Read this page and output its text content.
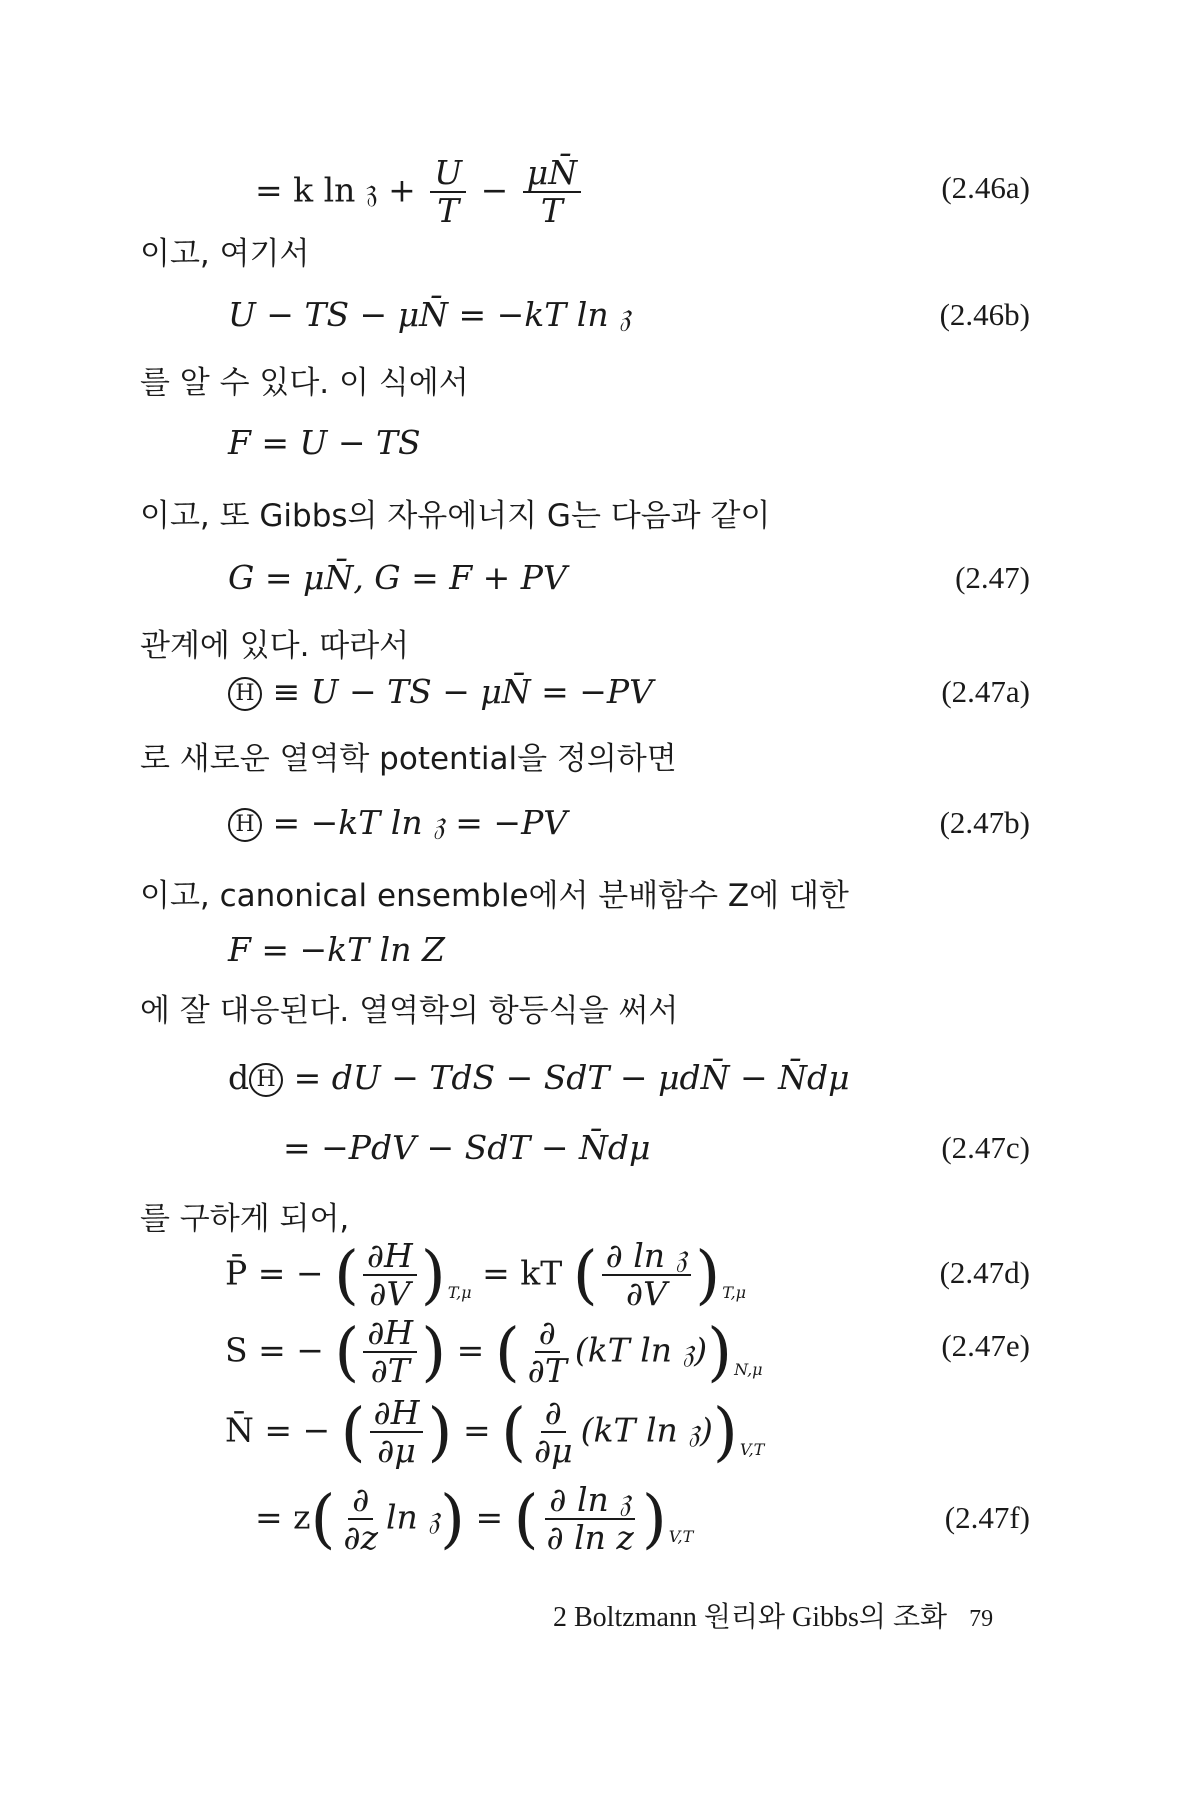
= k ln 𝔷 + $\frac{U}{T} - \frac{\mu N̄}{T}$	(2.46a)
이고, 여기서
U − TS − μN̄ = −kT ln 𝔷	(2.46b)
를 알 수 있다. 이 식에서
F = U − TS
이고, 또 Gibbs의 자유에너지 G는 다음과 같이
G = μN̄, G = F + PV	(2.47)
관계에 있다. 따라서
H ≡ U − TS − μN̄ = −PV	(2.47a)
로 새로운 열역학 potential을 정의하면
H = −kT ln 𝔷 = −PV	(2.47b)
이고, canonical ensemble에서 분배함수 Z에 대한
F = −kT ln Z
에 잘 대응된다. 열역학의 항등식을 써서
d H = dU − TdS − SdT − μdN̄ − N̄dμ
= −PdV − SdT − N̄dμ	(2.47c)
를 구하게 되어,
P̄ = − ( $\frac{\partial H}{\partial V}$ ) $_{T,\mu}$ = kT ( $\frac{\text{∂ ln 𝔷}}{\partial V}$ ) $_{T,\mu}$
(2.47d)
S = − ( $\frac{\partial H}{\partial T}$ ) = ( $\frac{\partial}{\partial T} (kT$ ln 𝔷)) $_{N,\mu}$
(2.47e)
N̄ = − ( $\frac{\partial H}{\partial\mu}$ ) = ( $\frac{\partial}{\partial\mu} (kT$ ln 𝔷)) $_{V,T}$
= $z( \frac{\partial}{\partial z}$ ln 𝔷) = ( $\frac{\text{∂ ln 𝔷}}{\text{∂ ln z}}$ ) $_{V,T}$
(2.47f)
2 Boltzmann 원리와 Gibbs의 조화 79
